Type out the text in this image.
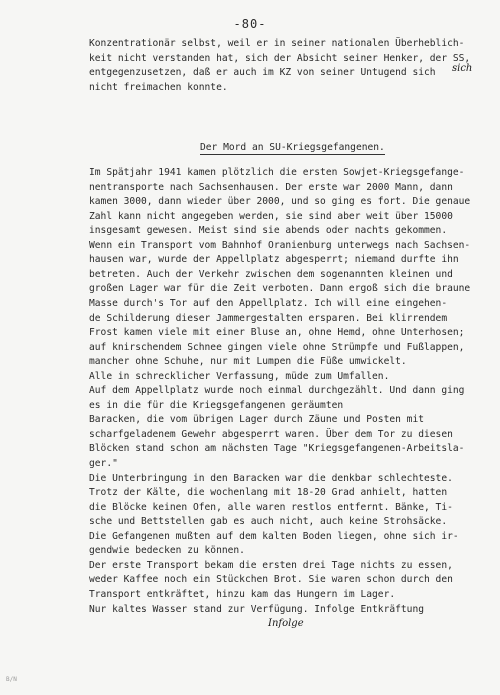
-80-
Konzentrationär selbst, weil er in seiner nationalen Überheblich-
keit nicht verstanden hat, sich der Absicht seiner Henker, der SS,
entgegenzusetzen, daß er auch im KZ von seiner Untugend sich
nicht freimachen konnte.
Der Mord an SU-Kriegsgefangenen.
Im Spätjahr 1941 kamen plötzlich die ersten Sowjet-Kriegsgefange-
nentransporte nach Sachsenhausen. Der erste war 2000 Mann, dann
kamen 3000, dann wieder über 2000, und so ging es fort. Die genaue
Zahl kann nicht angegeben werden, sie sind aber weit über 15000
insgesamt gewesen. Meist sind sie abends oder nachts gekommen.
Wenn ein Transport vom Bahnhof Oranienburg unterwegs nach Sachsen-
hausen war, wurde der Appellplatz abgesperrt; niemand durfte ihn
betreten. Auch der Verkehr zwischen dem sogenannten kleinen und
großen Lager war für die Zeit verboten. Dann ergoß sich die braune
Masse durch's Tor auf den Appellplatz. Ich will eine eingehen-
de Schilderung dieser Jammergestalten ersparen. Bei klirrendem
Frost kamen viele mit einer Bluse an, ohne Hemd, ohne Unterhosen;
auf knirschendem Schnee gingen viele ohne Strümpfe und Fußlappen,
mancher ohne Schuhe, nur mit Lumpen die Füße umwickelt.
Alle in schrecklicher Verfassung, müde zum Umfallen.
Auf dem Appellplatz wurde noch einmal durchgezählt. Und dann ging
es in die für die Kriegsgefangenen geräumten
Baracken, die vom übrigen Lager durch Zäune und Posten mit
scharfgeladenem Gewehr abgesperrt waren. Über dem Tor zu diesen
Blöcken stand schon am nächsten Tage "Kriegsgefangenen-Arbeitsla-
ger."
Die Unterbringung in den Baracken war die denkbar schlechteste.
Trotz der Kälte, die wochenlang mit 18-20 Grad anhielt, hatten
die Blöcke keinen Ofen, alle waren restlos entfernt. Bänke, Ti-
sche und Bettstellen gab es auch nicht, auch keine Strohsäcke.
Die Gefangenen mußten auf dem kalten Boden liegen, ohne sich ir-
gendwie bedecken zu können.
Der erste Transport bekam die ersten drei Tage nichts zu essen,
weder Kaffee noch ein Stückchen Brot. Sie waren schon durch den
Transport entkräftet, hinzu kam das Hungern im Lager.
Nur kaltes Wasser stand zur Verfügung. Infolge Entkräftung
sich
Infolge
B/N
